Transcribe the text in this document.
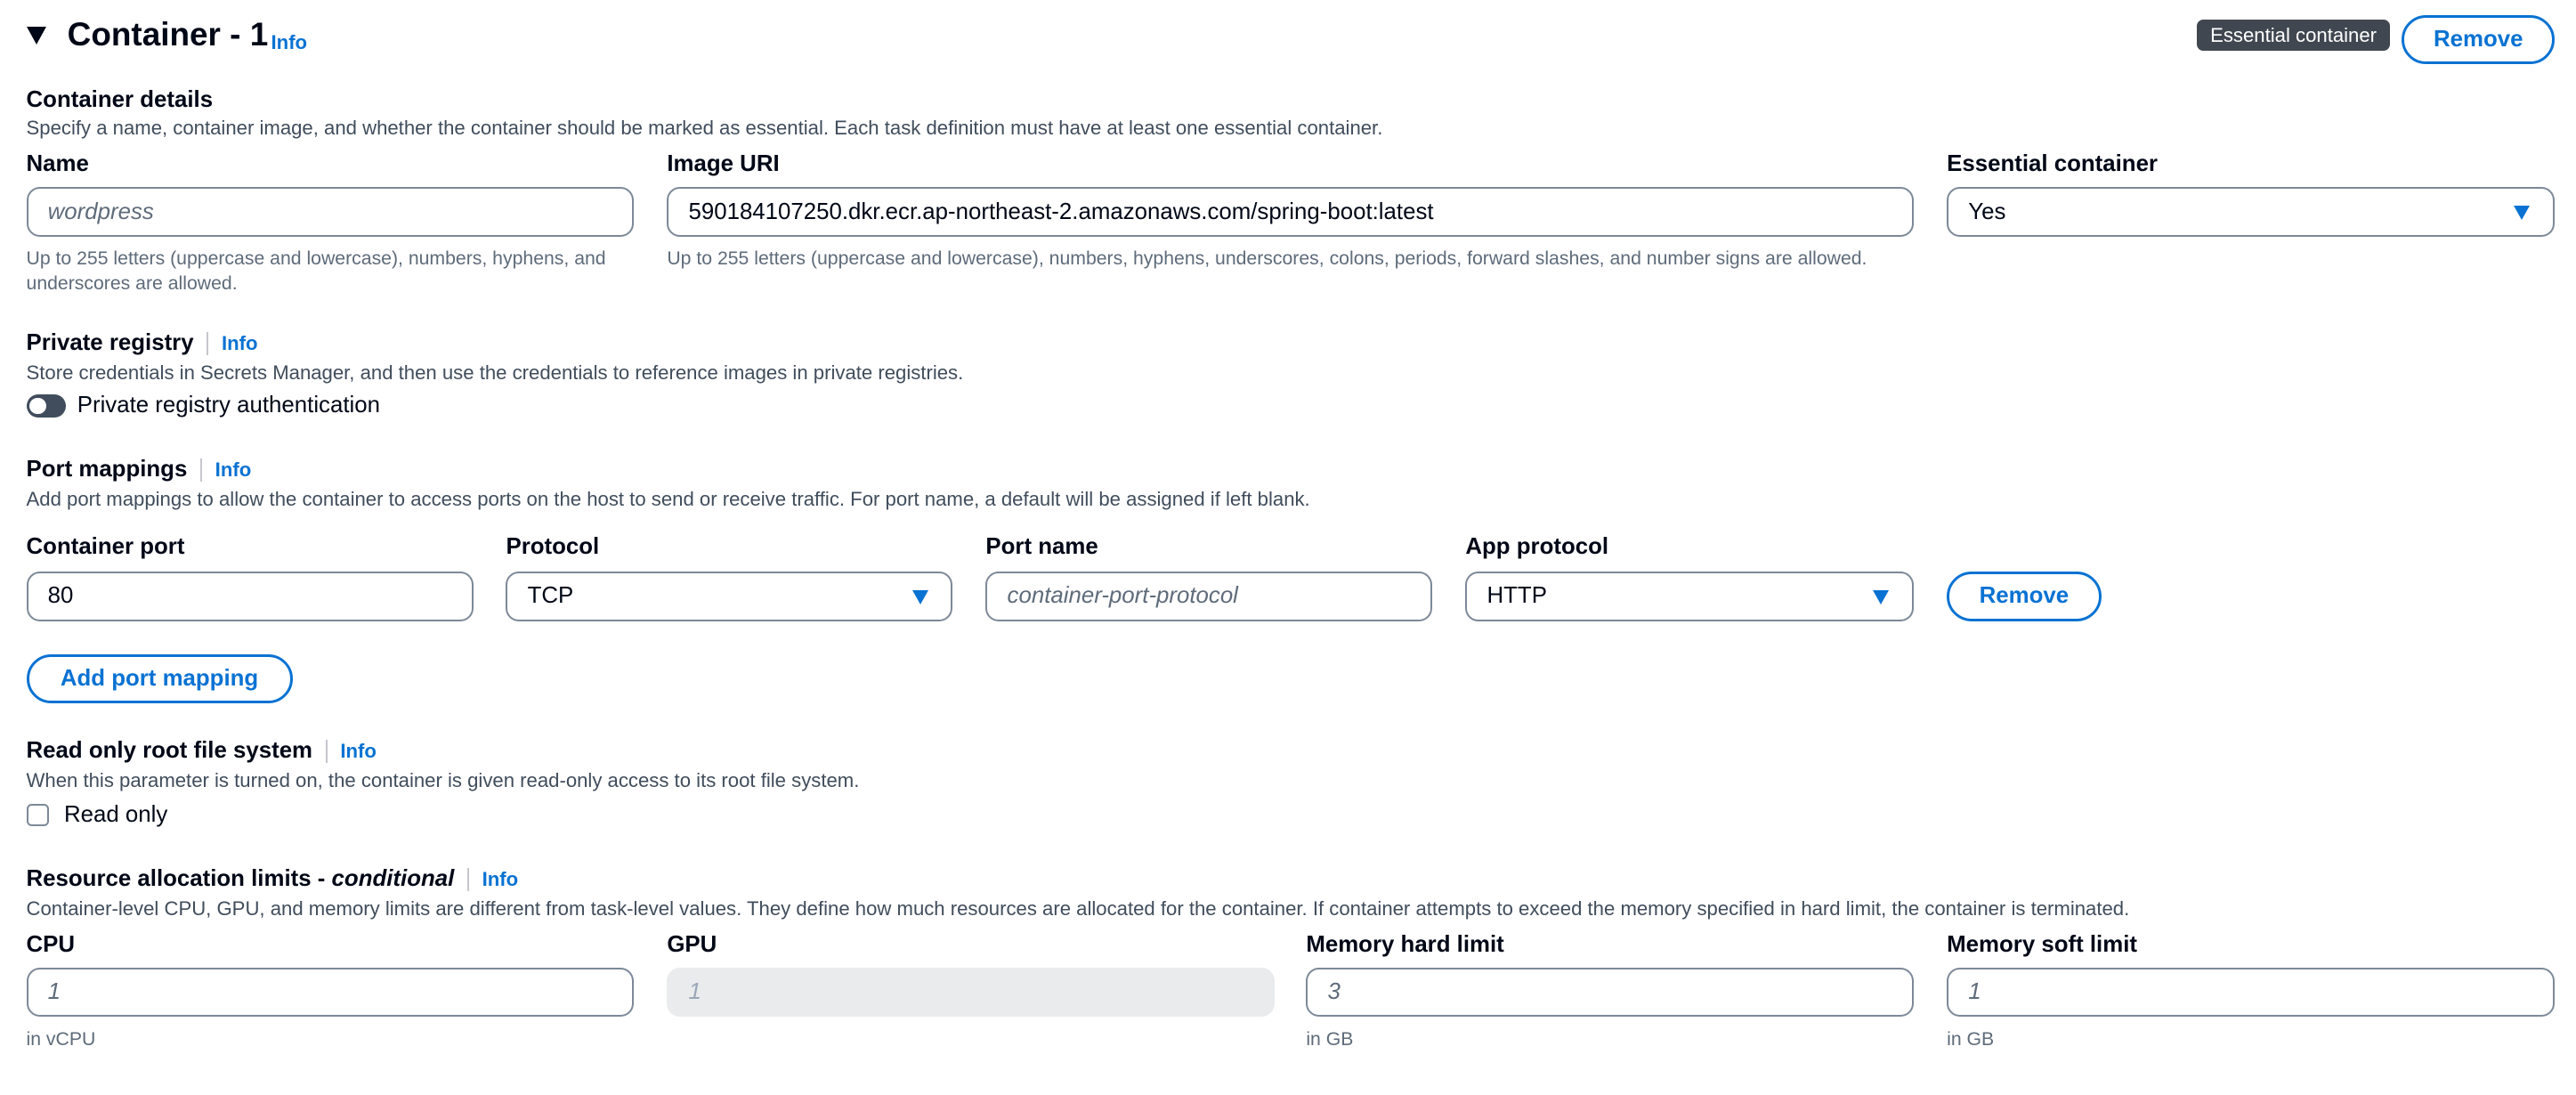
Container - 1 Info	Essential container	Remove
Container details
Specify a name, container image, and whether the container should be marked as essential. Each task definition must have at least one essential container.
Name
wordpress
Up to 255 letters (uppercase and lowercase), numbers, hyphens, and underscores are allowed.
Image URI
590184107250.dkr.ecr.ap-northeast-2.amazonaws.com/spring-boot:latest
Up to 255 letters (uppercase and lowercase), numbers, hyphens, underscores, colons, periods, forward slashes, and number signs are allowed.
Essential container
Yes
Private registry	Info
Store credentials in Secrets Manager, and then use the credentials to reference images in private registries.
Private registry authentication
Port mappings	Info
Add port mappings to allow the container to access ports on the host to send or receive traffic. For port name, a default will be assigned if left blank.
Container port
80
Protocol
TCP
Port name
container-port-protocol
App protocol
HTTP	Remove
Add port mapping
Read only root file system	Info
When this parameter is turned on, the container is given read-only access to its root file system.
Read only
Resource allocation limits - conditional	Info
Container-level CPU, GPU, and memory limits are different from task-level values. They define how much resources are allocated for the container. If container attempts to exceed the memory specified in hard limit, the container is terminated.
CPU
1
in vCPU
GPU
1
Memory hard limit
3
in GB
Memory soft limit
1
in GB
